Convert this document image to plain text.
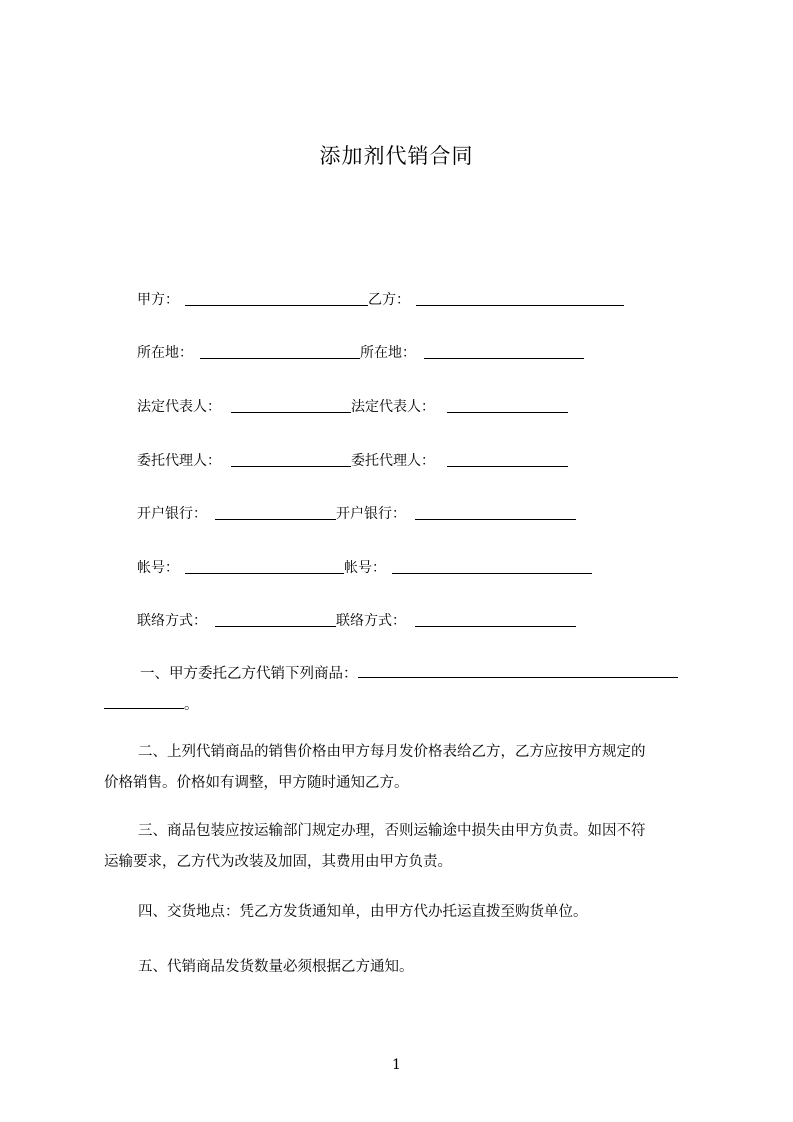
添加剂代销合同
甲方：	乙方：
所在地：	所在地：
法定代表人：	法定代表人：
委托代理人：	委托代理人：
开户银行：	开户银行：
帐号：	帐号：
联络方式：	联络方式：
一、甲方委托乙方代销下列商品：
。
二、上列代销商品的销售价格由甲方每月发价格表给乙方，乙方应按甲方规定的
价格销售。价格如有调整，甲方随时通知乙方。
三、商品包装应按运输部门规定办理，否则运输途中损失由甲方负责。如因不符
运输要求，乙方代为改装及加固，其费用由甲方负责。
四、交货地点：凭乙方发货通知单，由甲方代办托运直拨至购货单位。
五、代销商品发货数量必须根据乙方通知。
1
